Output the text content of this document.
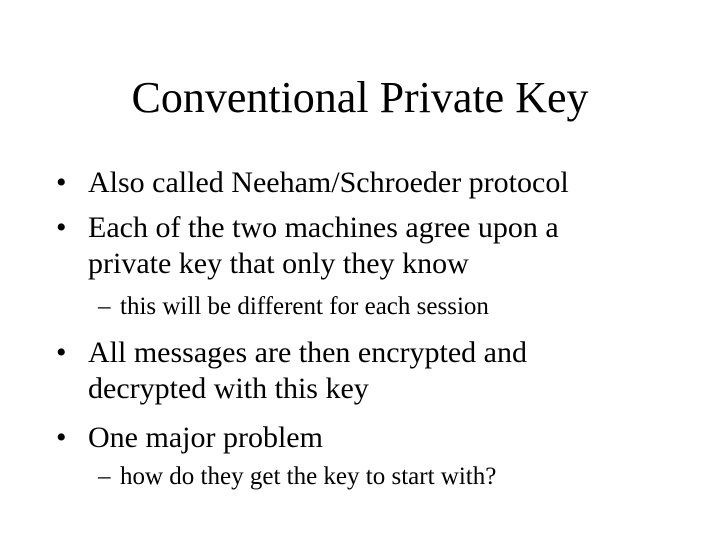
Conventional Private Key
• Also called Neeham/Schroeder protocol
• Each of the two machines agree upon a private key that only they know
– this will be different for each session
• All messages are then encrypted and decrypted with this key
• One major problem
– how do they get the key to start with?
